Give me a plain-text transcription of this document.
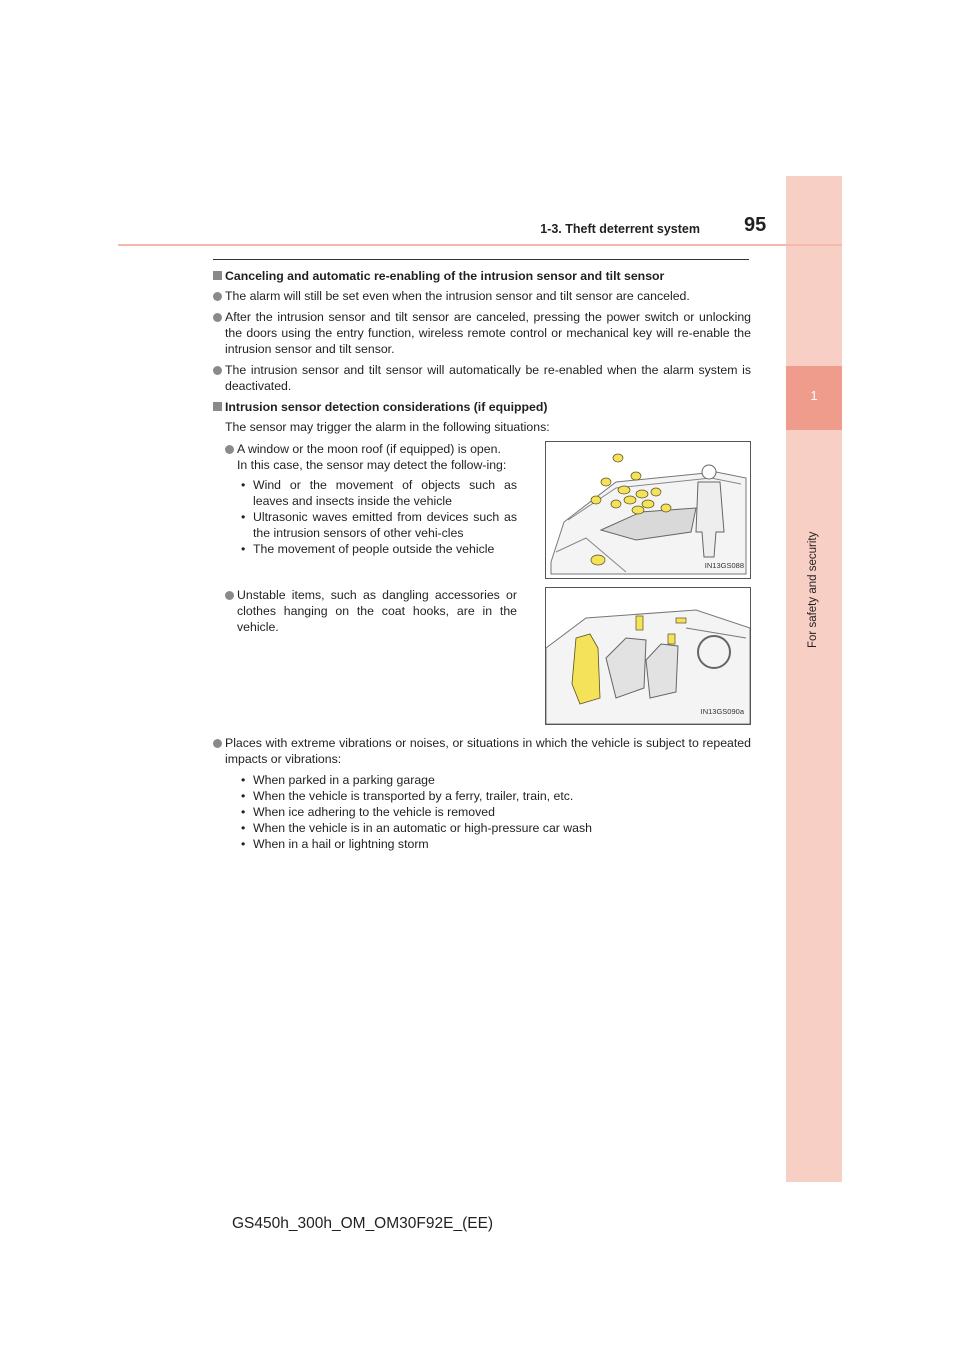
1
For safety and security
1-3. Theft deterrent system 95

Canceling and automatic re-enabling of the intrusion sensor and tilt sensor

The alarm will still be set even when the intrusion sensor and tilt sensor are canceled.

After the intrusion sensor and tilt sensor are canceled, pressing the power switch or unlocking the doors using the entry function, wireless remote control or mechanical key will re-enable the intrusion sensor and tilt sensor.

The intrusion sensor and tilt sensor will automatically be re-enabled when the alarm system is deactivated.

Intrusion sensor detection considerations (if equipped)

The sensor may trigger the alarm in the following situations:

A window or the moon roof (if equipped) is open.
In this case, the sensor may detect the follow-ing:
• Wind or the movement of objects such as leaves and insects inside the vehicle
• Ultrasonic waves emitted from devices such as the intrusion sensors of other vehi-cles
• The movement of people outside the vehicle
IN13GS088
Unstable items, such as dangling accessories or clothes hanging on the coat hooks, are in the vehicle.
IN13GS090a
Places with extreme vibrations or noises, or situations in which the vehicle is subject to repeated impacts or vibrations:
• When parked in a parking garage
• When the vehicle is transported by a ferry, trailer, train, etc.
• When ice adhering to the vehicle is removed
• When the vehicle is in an automatic or high-pressure car wash
• When in a hail or lightning storm
GS450h_300h_OM_OM30F92E_(EE)
